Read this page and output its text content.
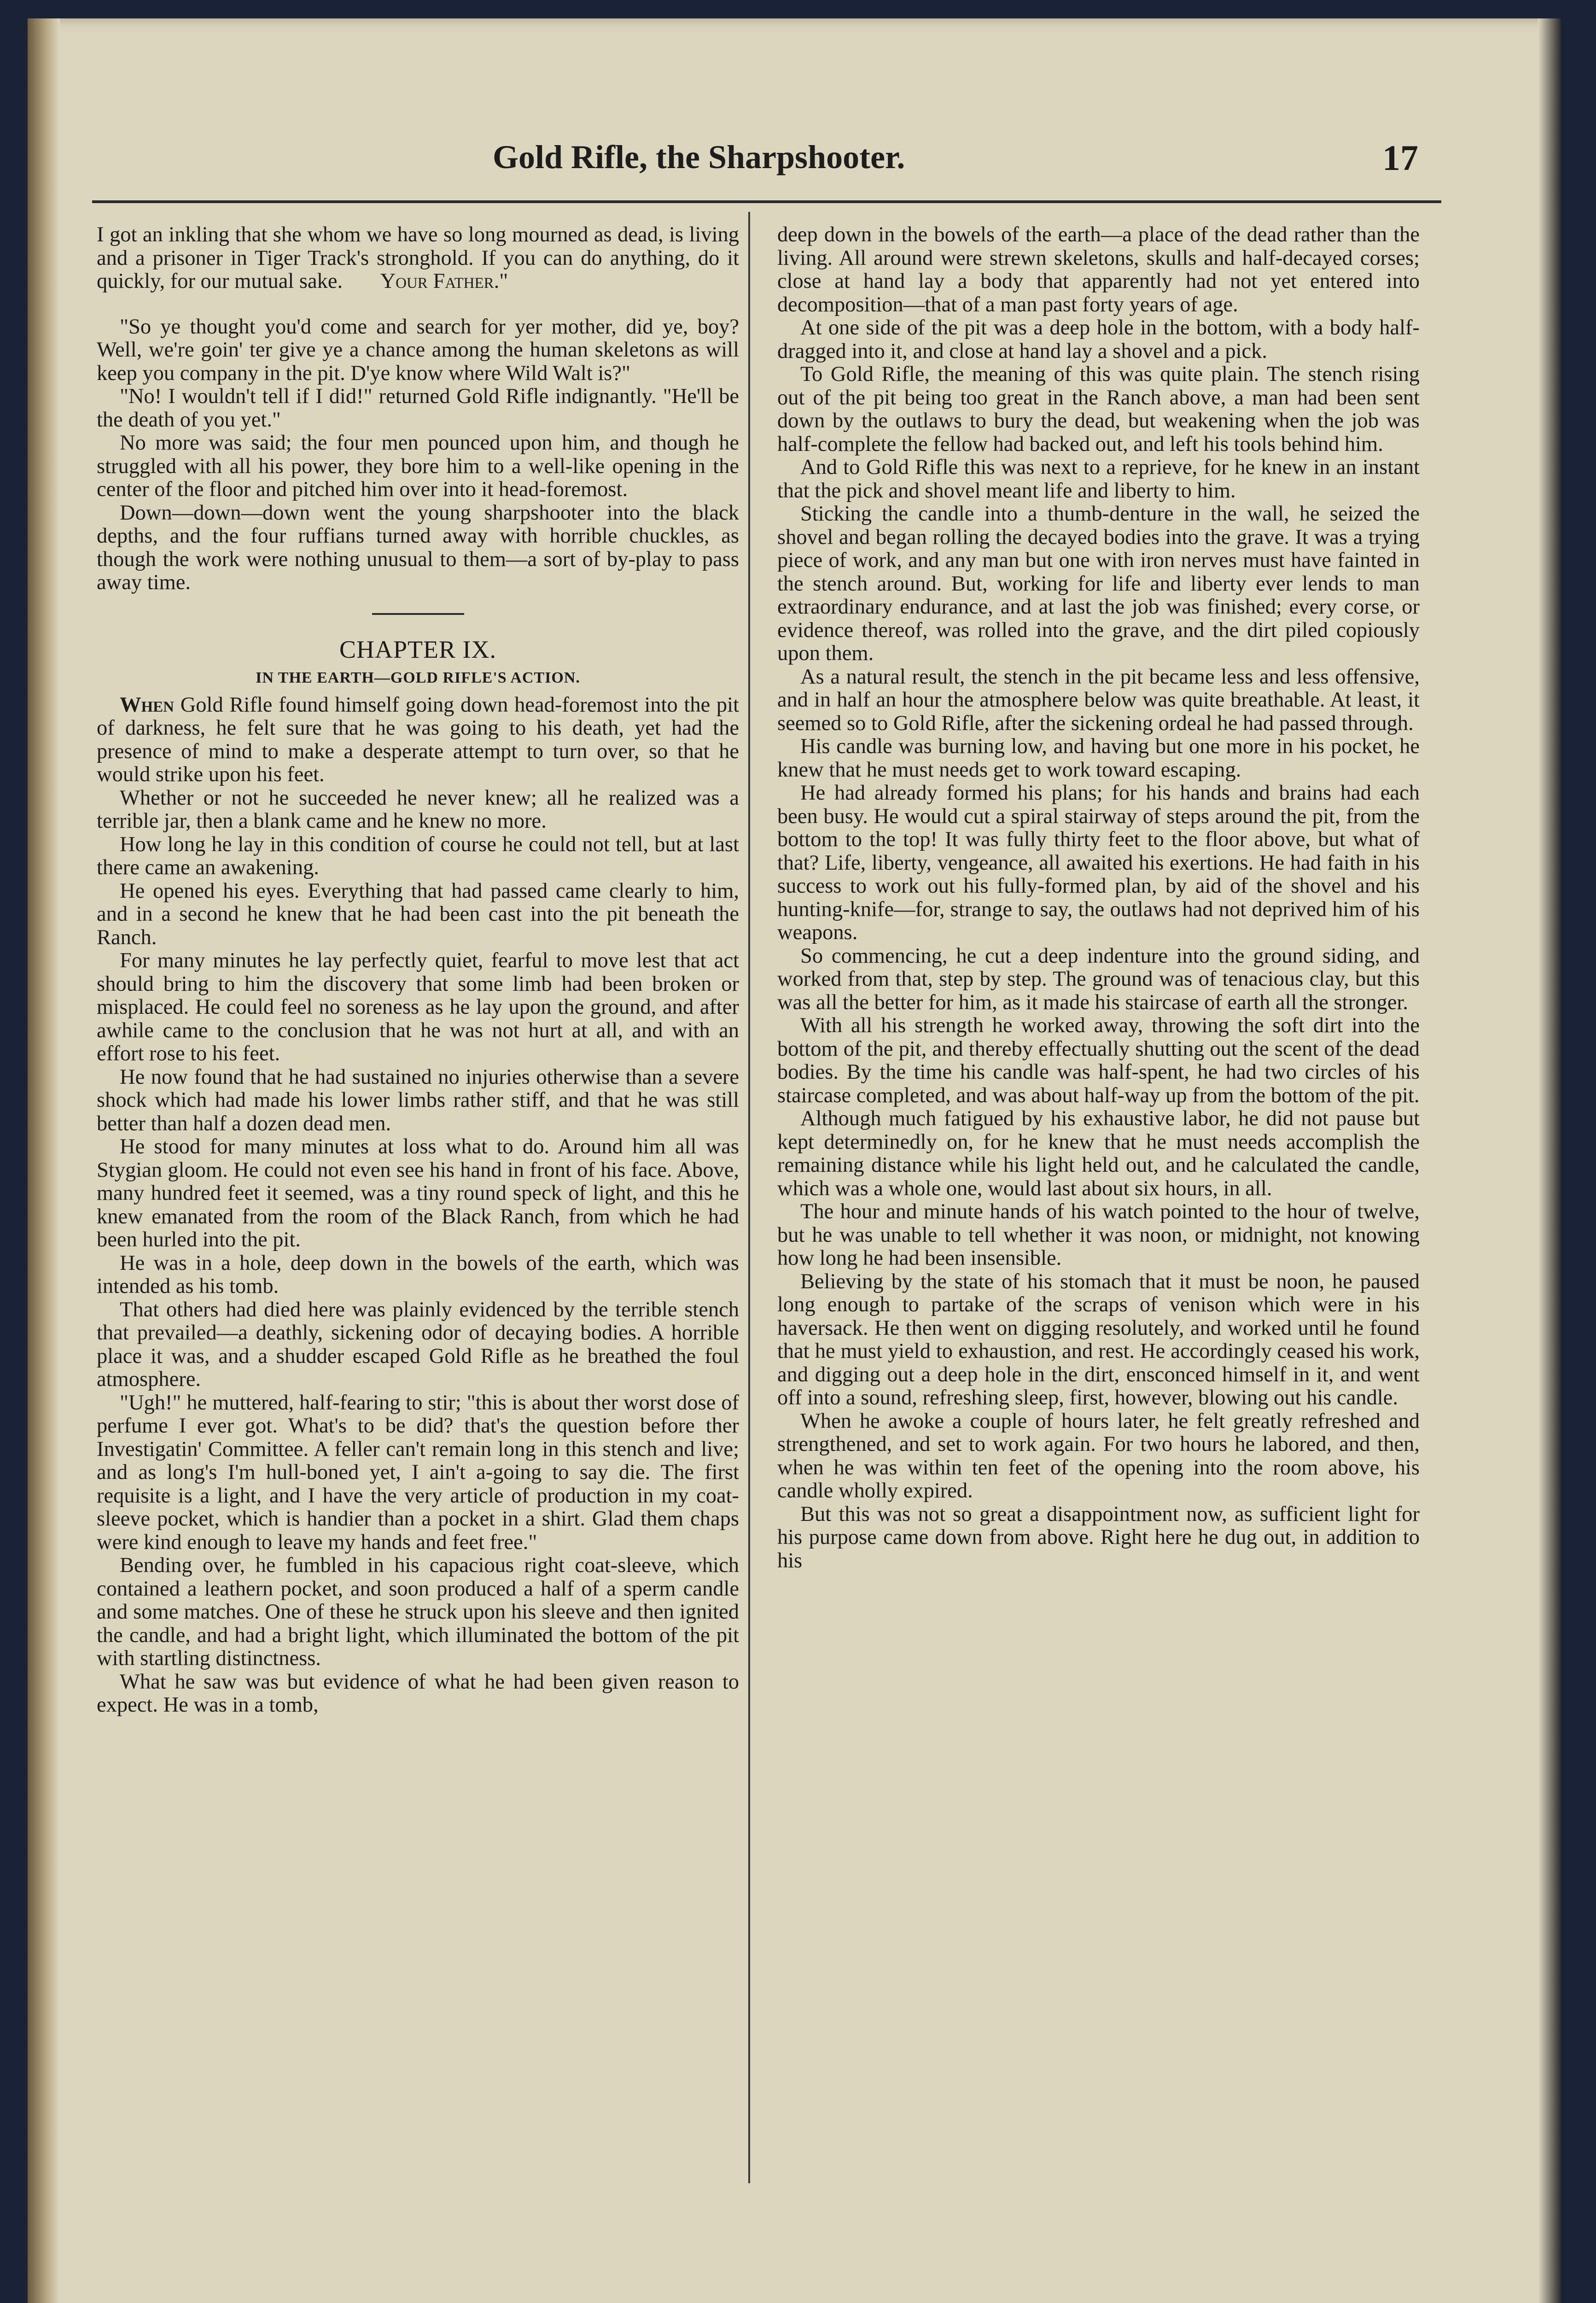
Gold Rifle, the Sharpshooter.	17

I got an inkling that she whom we have so long mourned as dead, is living and a prisoner in Tiger Track's stronghold. If you can do anything, do it quickly, for our mutual sake. Your Father."

"So ye thought you'd come and search for yer mother, did ye, boy? Well, we're goin' ter give ye a chance among the human skeletons as will keep you company in the pit. D'ye know where Wild Walt is?"

"No! I wouldn't tell if I did!" returned Gold Rifle indignantly. "He'll be the death of you yet."

No more was said; the four men pounced upon him, and though he struggled with all his power, they bore him to a well-like opening in the center of the floor and pitched him over into it head-foremost.

Down—down—down went the young sharpshooter into the black depths, and the four ruffians turned away with horrible chuckles, as though the work were nothing unusual to them—a sort of by-play to pass away time.

CHAPTER IX.
IN THE EARTH—GOLD RIFLE'S ACTION.

When Gold Rifle found himself going down head-foremost into the pit of darkness, he felt sure that he was going to his death, yet had the presence of mind to make a desperate attempt to turn over, so that he would strike upon his feet.

Whether or not he succeeded he never knew; all he realized was a terrible jar, then a blank came and he knew no more.

How long he lay in this condition of course he could not tell, but at last there came an awakening.

He opened his eyes. Everything that had passed came clearly to him, and in a second he knew that he had been cast into the pit beneath the Ranch.

For many minutes he lay perfectly quiet, fearful to move lest that act should bring to him the discovery that some limb had been broken or misplaced. He could feel no soreness as he lay upon the ground, and after awhile came to the conclusion that he was not hurt at all, and with an effort rose to his feet.

He now found that he had sustained no injuries otherwise than a severe shock which had made his lower limbs rather stiff, and that he was still better than half a dozen dead men.

He stood for many minutes at loss what to do. Around him all was Stygian gloom. He could not even see his hand in front of his face. Above, many hundred feet it seemed, was a tiny round speck of light, and this he knew emanated from the room of the Black Ranch, from which he had been hurled into the pit.

He was in a hole, deep down in the bowels of the earth, which was intended as his tomb.

That others had died here was plainly evidenced by the terrible stench that prevailed—a deathly, sickening odor of decaying bodies. A horrible place it was, and a shudder escaped Gold Rifle as he breathed the foul atmosphere.

"Ugh!" he muttered, half-fearing to stir; "this is about ther worst dose of perfume I ever got. What's to be did? that's the question before ther Investigatin' Committee. A feller can't remain long in this stench and live; and as long's I'm hull-boned yet, I ain't a-going to say die. The first requisite is a light, and I have the very article of production in my coat-sleeve pocket, which is handier than a pocket in a shirt. Glad them chaps were kind enough to leave my hands and feet free."

Bending over, he fumbled in his capacious right coat-sleeve, which contained a leathern pocket, and soon produced a half of a sperm candle and some matches. One of these he struck upon his sleeve and then ignited the candle, and had a bright light, which illuminated the bottom of the pit with startling distinctness.

What he saw was but evidence of what he had been given reason to expect. He was in a tomb,

deep down in the bowels of the earth—a place of the dead rather than the living. All around were strewn skeletons, skulls and half-decayed corses; close at hand lay a body that apparently had not yet entered into decomposition—that of a man past forty years of age.

At one side of the pit was a deep hole in the bottom, with a body half-dragged into it, and close at hand lay a shovel and a pick.

To Gold Rifle, the meaning of this was quite plain. The stench rising out of the pit being too great in the Ranch above, a man had been sent down by the outlaws to bury the dead, but weakening when the job was half-complete the fellow had backed out, and left his tools behind him.

And to Gold Rifle this was next to a reprieve, for he knew in an instant that the pick and shovel meant life and liberty to him.

Sticking the candle into a thumb-denture in the wall, he seized the shovel and began rolling the decayed bodies into the grave. It was a trying piece of work, and any man but one with iron nerves must have fainted in the stench around. But, working for life and liberty ever lends to man extraordinary endurance, and at last the job was finished; every corse, or evidence thereof, was rolled into the grave, and the dirt piled copiously upon them.

As a natural result, the stench in the pit became less and less offensive, and in half an hour the atmosphere below was quite breathable. At least, it seemed so to Gold Rifle, after the sickening ordeal he had passed through.

His candle was burning low, and having but one more in his pocket, he knew that he must needs get to work toward escaping.

He had already formed his plans; for his hands and brains had each been busy. He would cut a spiral stairway of steps around the pit, from the bottom to the top! It was fully thirty feet to the floor above, but what of that? Life, liberty, vengeance, all awaited his exertions. He had faith in his success to work out his fully-formed plan, by aid of the shovel and his hunting-knife—for, strange to say, the outlaws had not deprived him of his weapons.

So commencing, he cut a deep indenture into the ground siding, and worked from that, step by step. The ground was of tenacious clay, but this was all the better for him, as it made his staircase of earth all the stronger.

With all his strength he worked away, throwing the soft dirt into the bottom of the pit, and thereby effectually shutting out the scent of the dead bodies. By the time his candle was half-spent, he had two circles of his staircase completed, and was about half-way up from the bottom of the pit.

Although much fatigued by his exhaustive labor, he did not pause but kept determinedly on, for he knew that he must needs accomplish the remaining distance while his light held out, and he calculated the candle, which was a whole one, would last about six hours, in all.

The hour and minute hands of his watch pointed to the hour of twelve, but he was unable to tell whether it was noon, or midnight, not knowing how long he had been insensible.

Believing by the state of his stomach that it must be noon, he paused long enough to partake of the scraps of venison which were in his haversack. He then went on digging resolutely, and worked until he found that he must yield to exhaustion, and rest. He accordingly ceased his work, and digging out a deep hole in the dirt, ensconced himself in it, and went off into a sound, refreshing sleep, first, however, blowing out his candle.

When he awoke a couple of hours later, he felt greatly refreshed and strengthened, and set to work again. For two hours he labored, and then, when he was within ten feet of the opening into the room above, his candle wholly expired.

But this was not so great a disappointment now, as sufficient light for his purpose came down from above. Right here he dug out, in addition to his
